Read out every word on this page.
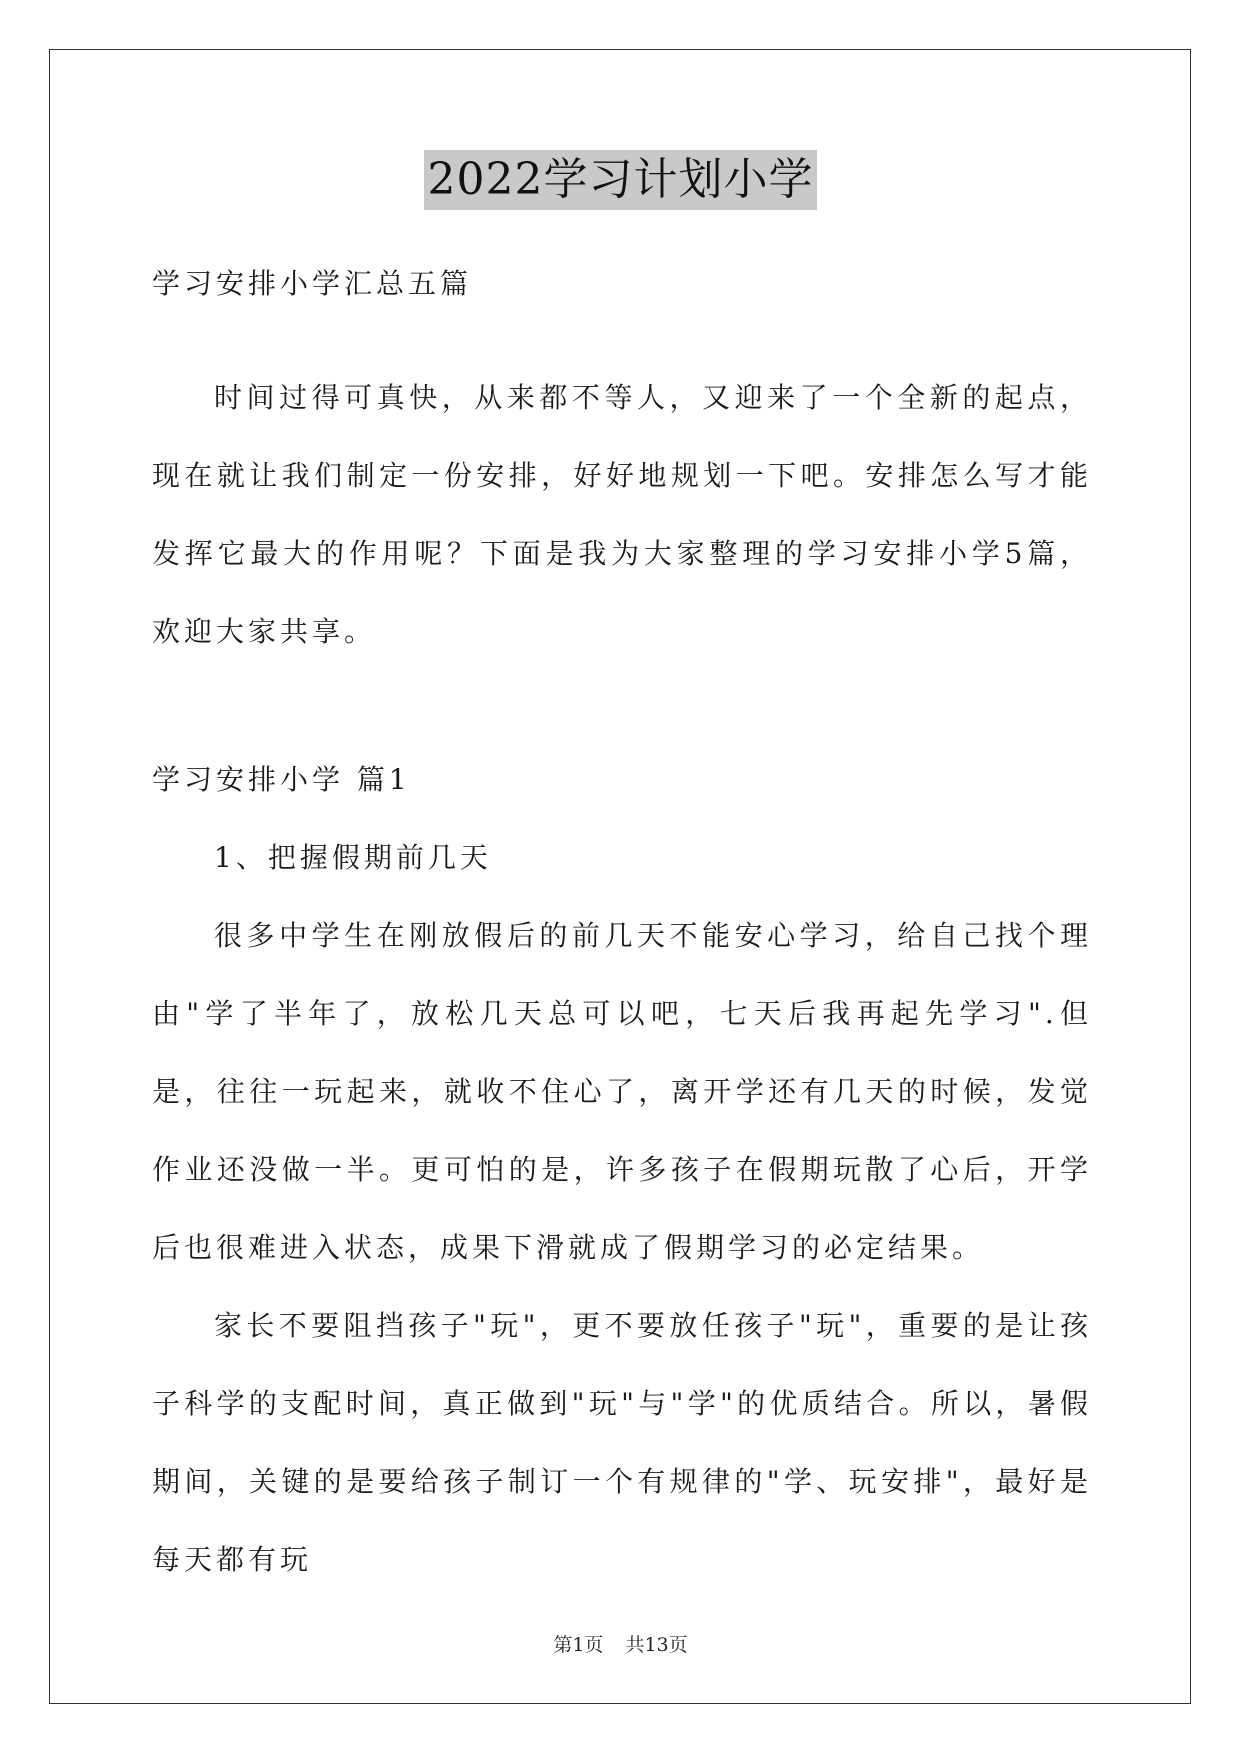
2022学习计划小学

学习安排小学汇总五篇

时间过得可真快，从来都不等人，又迎来了一个全新的起点，现在就让我们制定一份安排，好好地规划一下吧。安排怎么写才能发挥它最大的作用呢？下面是我为大家整理的学习安排小学5篇，欢迎大家共享。

学习安排小学 篇1

1、把握假期前几天

很多中学生在刚放假后的前几天不能安心学习，给自己找个理由"学了半年了，放松几天总可以吧，七天后我再起先学习".但是，往往一玩起来，就收不住心了，离开学还有几天的时候，发觉作业还没做一半。更可怕的是，许多孩子在假期玩散了心后，开学后也很难进入状态，成果下滑就成了假期学习的必定结果。

家长不要阻挡孩子"玩"，更不要放任孩子"玩"，重要的是让孩子科学的支配时间，真正做到"玩"与"学"的优质结合。所以，暑假期间，关键的是要给孩子制订一个有规律的"学、玩安排"，最好是每天都有玩

第1页 共13页
